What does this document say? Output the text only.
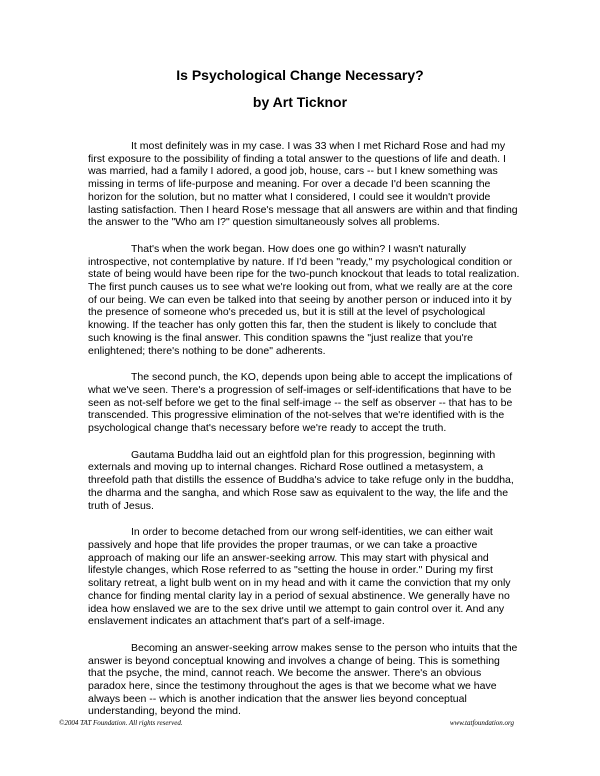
Is Psychological Change Necessary?
by Art Ticknor

It most definitely was in my case. I was 33 when I met Richard Rose and had my first exposure to the possibility of finding a total answer to the questions of life and death. I was married, had a family I adored, a good job, house, cars -- but I knew something was missing in terms of life-purpose and meaning. For over a decade I'd been scanning the horizon for the solution, but no matter what I considered, I could see it wouldn't provide lasting satisfaction. Then I heard Rose's message that all answers are within and that finding the answer to the "Who am I?" question simultaneously solves all problems.

That's when the work began. How does one go within? I wasn't naturally introspective, not contemplative by nature. If I'd been "ready," my psychological condition or state of being would have been ripe for the two-punch knockout that leads to total realization. The first punch causes us to see what we're looking out from, what we really are at the core of our being. We can even be talked into that seeing by another person or induced into it by the presence of someone who's preceded us, but it is still at the level of psychological knowing. If the teacher has only gotten this far, then the student is likely to conclude that such knowing is the final answer. This condition spawns the "just realize that you're enlightened; there's nothing to be done" adherents.

The second punch, the KO, depends upon being able to accept the implications of what we've seen. There's a progression of self-images or self-identifications that have to be seen as not-self before we get to the final self-image -- the self as observer -- that has to be transcended. This progressive elimination of the not-selves that we're identified with is the psychological change that's necessary before we're ready to accept the truth.

Gautama Buddha laid out an eightfold plan for this progression, beginning with externals and moving up to internal changes. Richard Rose outlined a metasystem, a threefold path that distills the essence of Buddha's advice to take refuge only in the buddha, the dharma and the sangha, and which Rose saw as equivalent to the way, the life and the truth of Jesus.

In order to become detached from our wrong self-identities, we can either wait passively and hope that life provides the proper traumas, or we can take a proactive approach of making our life an answer-seeking arrow. This may start with physical and lifestyle changes, which Rose referred to as "setting the house in order." During my first solitary retreat, a light bulb went on in my head and with it came the conviction that my only chance for finding mental clarity lay in a period of sexual abstinence. We generally have no idea how enslaved we are to the sex drive until we attempt to gain control over it. And any enslavement indicates an attachment that's part of a self-image.

Becoming an answer-seeking arrow makes sense to the person who intuits that the answer is beyond conceptual knowing and involves a change of being. This is something that the psyche, the mind, cannot reach. We become the answer. There's an obvious paradox here, since the testimony throughout the ages is that we become what we have always been -- which is another indication that the answer lies beyond conceptual understanding, beyond the mind.

©2004 TAT Foundation. All rights reserved.	www.tatfoundation.org
